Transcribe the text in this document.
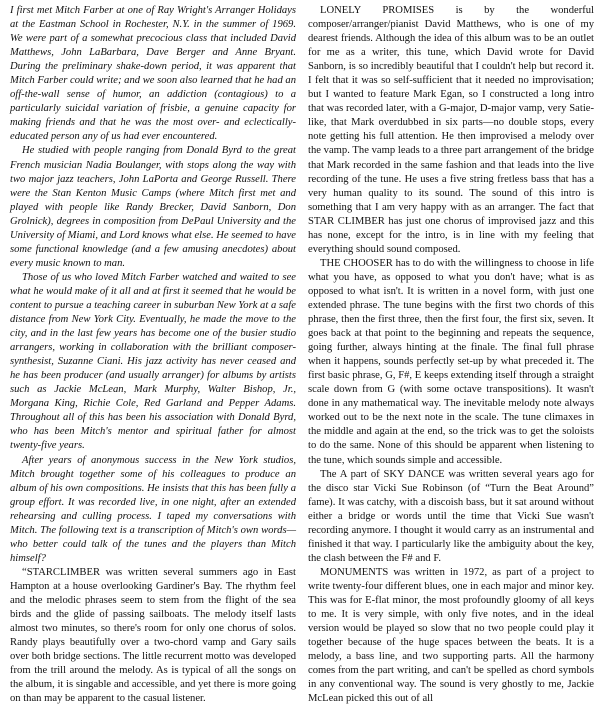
I first met Mitch Farber at one of Ray Wright's Arranger Holidays at the Eastman School in Rochester, N.Y. in the summer of 1969. We were part of a somewhat precocious class that included David Matthews, John LaBarbara, Dave Berger and Anne Bryant. During the preliminary shake-down period, it was apparent that Mitch Farber could write; and we soon also learned that he had an off-the-wall sense of humor, an addiction (contagious) to a particularly suicidal variation of frisbie, a genuine capacity for making friends and that he was the most over- and eclectically-educated person any of us had ever encountered.

He studied with people ranging from Donald Byrd to the great French musician Nadia Boulanger, with stops along the way with two major jazz teachers, John LaPorta and George Russell. There were the Stan Kenton Music Camps (where Mitch first met and played with people like Randy Brecker, David Sanborn, Don Grolnick), degrees in composition from DePaul University and the University of Miami, and Lord knows what else. He seemed to have some functional knowledge (and a few amusing anecdotes) about every music known to man.

Those of us who loved Mitch Farber watched and waited to see what he would make of it all and at first it seemed that he would be content to pursue a teaching career in suburban New York at a safe distance from New York City. Eventually, he made the move to the city, and in the last few years has become one of the busier studio arrangers, working in collaboration with the brilliant composer-synthesist, Suzanne Ciani. His jazz activity has never ceased and he has been producer (and usually arranger) for albums by artists such as Jackie McLean, Mark Murphy, Walter Bishop, Jr., Morgana King, Richie Cole, Red Garland and Pepper Adams. Throughout all of this has been his association with Donald Byrd, who has been Mitch's mentor and spiritual father for almost twenty-five years.

After years of anonymous success in the New York studios, Mitch brought together some of his colleagues to produce an album of his own compositions. He insists that this has been fully a group effort. It was recorded live, in one night, after an extended rehearsing and culling process. I taped my conversations with Mitch. The following text is a transcription of Mitch's own words—who better could talk of the tunes and the players than Mitch himself?

“STARCLIMBER was written several summers ago in East Hampton at a house overlooking Gardiner's Bay. The rhythm feel and the melodic phrases seem to stem from the flight of the sea birds and the glide of passing sailboats. The melody itself lasts almost two minutes, so there's room for only one chorus of solos. Randy plays beautifully over a two-chord vamp and Gary sails over both bridge sections. The little recurrent motto was developed from the trill around the melody. As is typical of all the songs on the album, it is singable and accessible, and yet there is more going on than may be apparent to the casual listener.

LONELY PROMISES is by the wonderful composer/arranger/pianist David Matthews, who is one of my dearest friends. Although the idea of this album was to be an outlet for me as a writer, this tune, which David wrote for David Sanborn, is so incredibly beautiful that I couldn't help but record it. I felt that it was so self-sufficient that it needed no improvisation; but I wanted to feature Mark Egan, so I constructed a long intro that was recorded later, with a G-major, D-major vamp, very Satie-like, that Mark overdubbed in six parts—no double stops, every note getting his full attention. He then improvised a melody over the vamp. The vamp leads to a three part arrangement of the bridge that Mark recorded in the same fashion and that leads into the live recording of the tune. He uses a five string fretless bass that has a very human quality to its sound. The sound of this intro is something that I am very happy with as an arranger. The fact that STAR CLIMBER has just one chorus of improvised jazz and this has none, except for the intro, is in line with my feeling that everything should sound composed.

THE CHOOSER has to do with the willingness to choose in life what you have, as opposed to what you don't have; what is as opposed to what isn't. It is written in a novel form, with just one extended phrase. The tune begins with the first two chords of this phrase, then the first three, then the first four, the first six, seven. It goes back at that point to the beginning and repeats the sequence, going further, always hinting at the finale. The final full phrase when it happens, sounds perfectly set-up by what preceded it. The first basic phrase, G, F#, E keeps extending itself through a straight scale down from G (with some octave transpositions). It wasn't done in any mathematical way. The inevitable melody note always worked out to be the next note in the scale. The tune climaxes in the middle and again at the end, so the trick was to get the soloists to do the same. None of this should be apparent when listening to the tune, which sounds simple and accessible.

The A part of SKY DANCE was written several years ago for the disco star Vicki Sue Robinson (of “Turn the Beat Around” fame). It was catchy, with a discoish bass, but it sat around without either a bridge or words until the time that Vicki Sue wasn't recording anymore. I thought it would carry as an instrumental and finished it that way. I particularly like the ambiguity about the key, the clash between the F# and F.

MONUMENTS was written in 1972, as part of a project to write twenty-four different blues, one in each major and minor key. This was for E-flat minor, the most profoundly gloomy of all keys to me. It is very simple, with only five notes, and in the ideal version would be played so slow that no two people could play it together because of the huge spaces between the beats. It is a melody, a bass line, and two supporting parts. All the harmony comes from the part writing, and can't be spelled as chord symbols in any conventional way. The sound is very ghostly to me, Jackie McLean picked this out of all
